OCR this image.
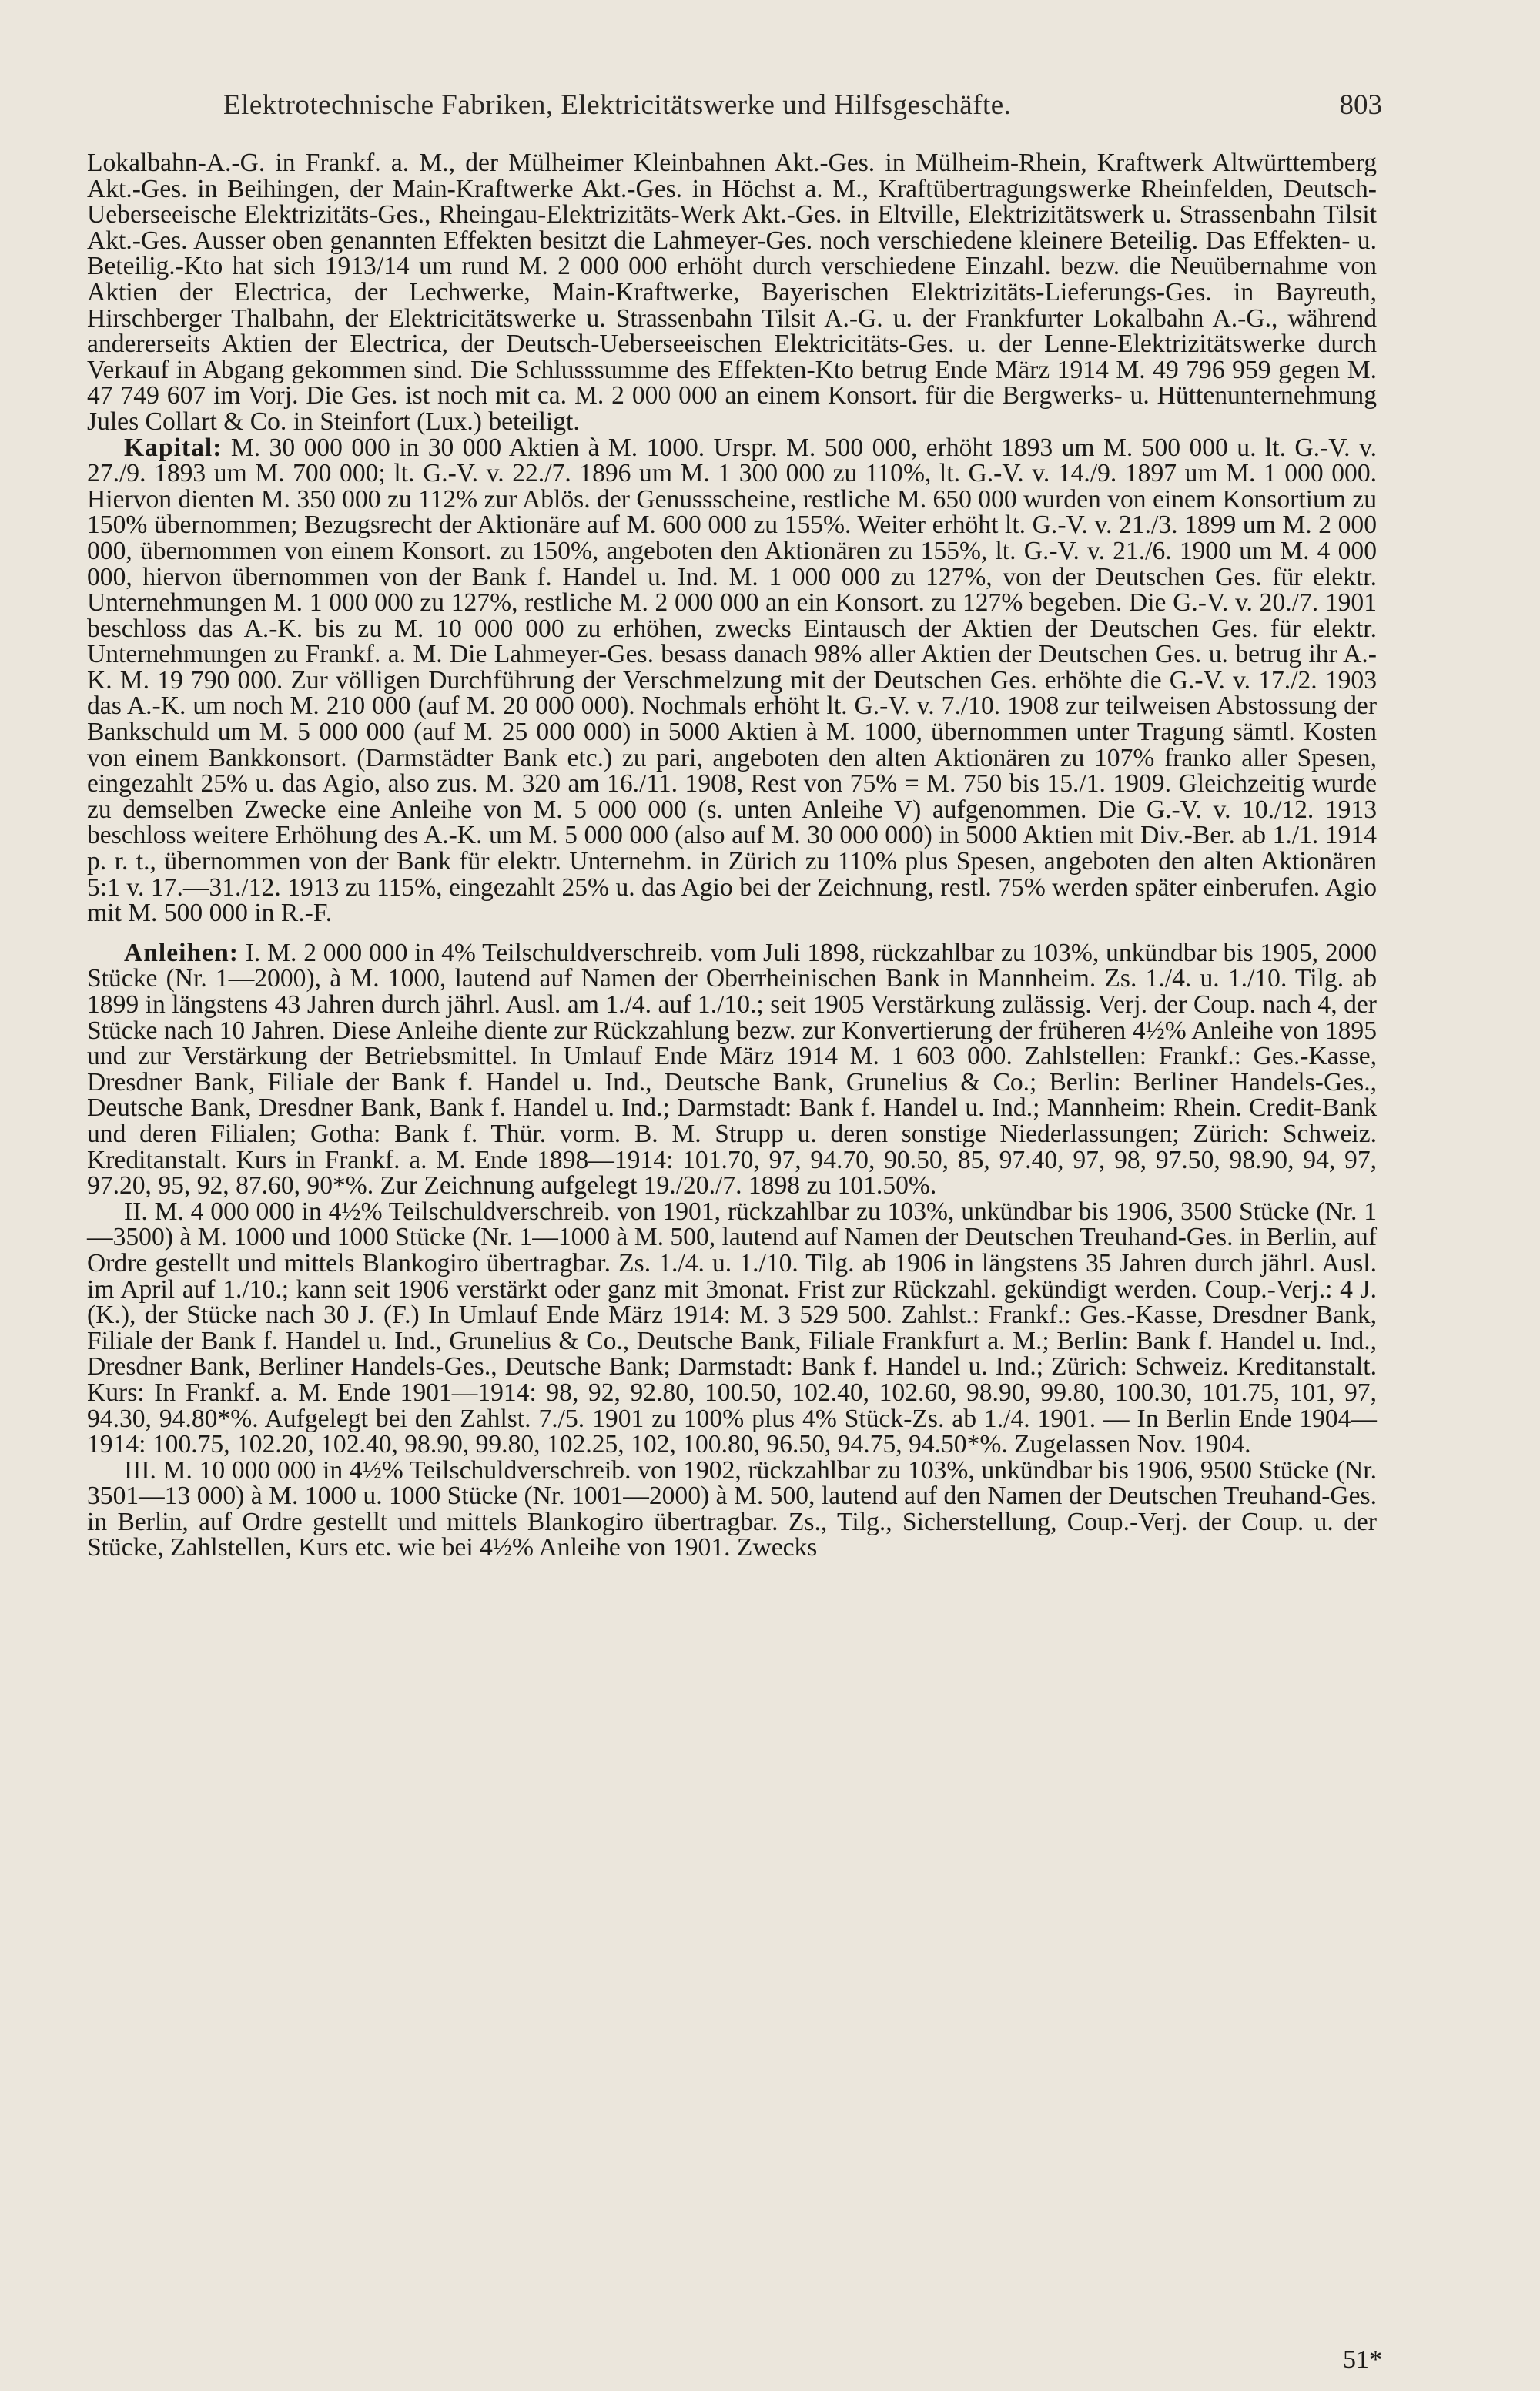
Elektrotechnische Fabriken, Elektricitätswerke und Hilfsgeschäfte.	803

Lokalbahn-A.-G. in Frankf. a. M., der Mülheimer Kleinbahnen Akt.-Ges. in Mülheim-Rhein, Kraftwerk Altwürttemberg Akt.-Ges. in Beihingen, der Main-Kraftwerke Akt.-Ges. in Höchst a. M., Kraftübertragungswerke Rheinfelden, Deutsch-Ueberseeische Elektrizitäts-Ges., Rheingau-Elektrizitäts-Werk Akt.-Ges. in Eltville, Elektrizitätswerk u. Strassenbahn Tilsit Akt.-Ges. Ausser oben genannten Effekten besitzt die Lahmeyer-Ges. noch verschiedene kleinere Beteilig. Das Effekten- u. Beteilig.-Kto hat sich 1913/14 um rund M. 2 000 000 erhöht durch verschiedene Einzahl. bezw. die Neuübernahme von Aktien der Electrica, der Lechwerke, Main-Kraftwerke, Bayerischen Elektrizitäts-Lieferungs-Ges. in Bayreuth, Hirschberger Thalbahn, der Elektricitätswerke u. Strassenbahn Tilsit A.-G. u. der Frankfurter Lokalbahn A.-G., während andererseits Aktien der Electrica, der Deutsch-Ueberseeischen Elektricitäts-Ges. u. der Lenne-Elektrizitätswerke durch Verkauf in Abgang gekommen sind. Die Schlusssumme des Effekten-Kto betrug Ende März 1914 M. 49 796 959 gegen M. 47 749 607 im Vorj. Die Ges. ist noch mit ca. M. 2 000 000 an einem Konsort. für die Bergwerks- u. Hüttenunternehmung Jules Collart & Co. in Steinfort (Lux.) beteiligt.

Kapital: M. 30 000 000 in 30 000 Aktien à M. 1000. Urspr. M. 500 000, erhöht 1893 um M. 500 000 u. lt. G.-V. v. 27./9. 1893 um M. 700 000; lt. G.-V. v. 22./7. 1896 um M. 1 300 000 zu 110%, lt. G.-V. v. 14./9. 1897 um M. 1 000 000. Hiervon dienten M. 350 000 zu 112% zur Ablös. der Genussscheine, restliche M. 650 000 wurden von einem Konsortium zu 150% übernommen; Bezugsrecht der Aktionäre auf M. 600 000 zu 155%. Weiter erhöht lt. G.-V. v. 21./3. 1899 um M. 2 000 000, übernommen von einem Konsort. zu 150%, angeboten den Aktionären zu 155%, lt. G.-V. v. 21./6. 1900 um M. 4 000 000, hiervon übernommen von der Bank f. Handel u. Ind. M. 1 000 000 zu 127%, von der Deutschen Ges. für elektr. Unternehmungen M. 1 000 000 zu 127%, restliche M. 2 000 000 an ein Konsort. zu 127% begeben. Die G.-V. v. 20./7. 1901 beschloss das A.-K. bis zu M. 10 000 000 zu erhöhen, zwecks Eintausch der Aktien der Deutschen Ges. für elektr. Unternehmungen zu Frankf. a. M. Die Lahmeyer-Ges. besass danach 98% aller Aktien der Deutschen Ges. u. betrug ihr A.-K. M. 19 790 000. Zur völligen Durchführung der Verschmelzung mit der Deutschen Ges. erhöhte die G.-V. v. 17./2. 1903 das A.-K. um noch M. 210 000 (auf M. 20 000 000). Nochmals erhöht lt. G.-V. v. 7./10. 1908 zur teilweisen Abstossung der Bankschuld um M. 5 000 000 (auf M. 25 000 000) in 5000 Aktien à M. 1000, übernommen unter Tragung sämtl. Kosten von einem Bankkonsort. (Darmstädter Bank etc.) zu pari, angeboten den alten Aktionären zu 107% franko aller Spesen, eingezahlt 25% u. das Agio, also zus. M. 320 am 16./11. 1908, Rest von 75% = M. 750 bis 15./1. 1909. Gleichzeitig wurde zu demselben Zwecke eine Anleihe von M. 5 000 000 (s. unten Anleihe V) aufgenommen. Die G.-V. v. 10./12. 1913 beschloss weitere Erhöhung des A.-K. um M. 5 000 000 (also auf M. 30 000 000) in 5000 Aktien mit Div.-Ber. ab 1./1. 1914 p. r. t., übernommen von der Bank für elektr. Unternehm. in Zürich zu 110% plus Spesen, angeboten den alten Aktionären 5:1 v. 17.—31./12. 1913 zu 115%, eingezahlt 25% u. das Agio bei der Zeichnung, restl. 75% werden später einberufen. Agio mit M. 500 000 in R.-F.

Anleihen: I. M. 2 000 000 in 4% Teilschuldverschreib. vom Juli 1898, rückzahlbar zu 103%, unkündbar bis 1905, 2000 Stücke (Nr. 1—2000), à M. 1000, lautend auf Namen der Oberrheinischen Bank in Mannheim. Zs. 1./4. u. 1./10. Tilg. ab 1899 in längstens 43 Jahren durch jährl. Ausl. am 1./4. auf 1./10.; seit 1905 Verstärkung zulässig. Verj. der Coup. nach 4, der Stücke nach 10 Jahren. Diese Anleihe diente zur Rückzahlung bezw. zur Konvertierung der früheren 4½% Anleihe von 1895 und zur Verstärkung der Betriebsmittel. In Umlauf Ende März 1914 M. 1 603 000. Zahlstellen: Frankf.: Ges.-Kasse, Dresdner Bank, Filiale der Bank f. Handel u. Ind., Deutsche Bank, Grunelius & Co.; Berlin: Berliner Handels-Ges., Deutsche Bank, Dresdner Bank, Bank f. Handel u. Ind.; Darmstadt: Bank f. Handel u. Ind.; Mannheim: Rhein. Credit-Bank und deren Filialen; Gotha: Bank f. Thür. vorm. B. M. Strupp u. deren sonstige Niederlassungen; Zürich: Schweiz. Kreditanstalt. Kurs in Frankf. a. M. Ende 1898—1914: 101.70, 97, 94.70, 90.50, 85, 97.40, 97, 98, 97.50, 98.90, 94, 97, 97.20, 95, 92, 87.60, 90*%. Zur Zeichnung aufgelegt 19./20./7. 1898 zu 101.50%.

II. M. 4 000 000 in 4½% Teilschuldverschreib. von 1901, rückzahlbar zu 103%, unkündbar bis 1906, 3500 Stücke (Nr. 1—3500) à M. 1000 und 1000 Stücke (Nr. 1—1000 à M. 500, lautend auf Namen der Deutschen Treuhand-Ges. in Berlin, auf Ordre gestellt und mittels Blankogiro übertragbar. Zs. 1./4. u. 1./10. Tilg. ab 1906 in längstens 35 Jahren durch jährl. Ausl. im April auf 1./10.; kann seit 1906 verstärkt oder ganz mit 3monat. Frist zur Rückzahl. gekündigt werden. Coup.-Verj.: 4 J. (K.), der Stücke nach 30 J. (F.) In Umlauf Ende März 1914: M. 3 529 500. Zahlst.: Frankf.: Ges.-Kasse, Dresdner Bank, Filiale der Bank f. Handel u. Ind., Grunelius & Co., Deutsche Bank, Filiale Frankfurt a. M.; Berlin: Bank f. Handel u. Ind., Dresdner Bank, Berliner Handels-Ges., Deutsche Bank; Darmstadt: Bank f. Handel u. Ind.; Zürich: Schweiz. Kreditanstalt. Kurs: In Frankf. a. M. Ende 1901—1914: 98, 92, 92.80, 100.50, 102.40, 102.60, 98.90, 99.80, 100.30, 101.75, 101, 97, 94.30, 94.80*%. Aufgelegt bei den Zahlst. 7./5. 1901 zu 100% plus 4% Stück-Zs. ab 1./4. 1901. — In Berlin Ende 1904—1914: 100.75, 102.20, 102.40, 98.90, 99.80, 102.25, 102, 100.80, 96.50, 94.75, 94.50*%. Zugelassen Nov. 1904.

III. M. 10 000 000 in 4½% Teilschuldverschreib. von 1902, rückzahlbar zu 103%, unkündbar bis 1906, 9500 Stücke (Nr. 3501—13 000) à M. 1000 u. 1000 Stücke (Nr. 1001—2000) à M. 500, lautend auf den Namen der Deutschen Treuhand-Ges. in Berlin, auf Ordre gestellt und mittels Blankogiro übertragbar. Zs., Tilg., Sicherstellung, Coup.-Verj. der Coup. u. der Stücke, Zahlstellen, Kurs etc. wie bei 4½% Anleihe von 1901. Zwecks

51*
